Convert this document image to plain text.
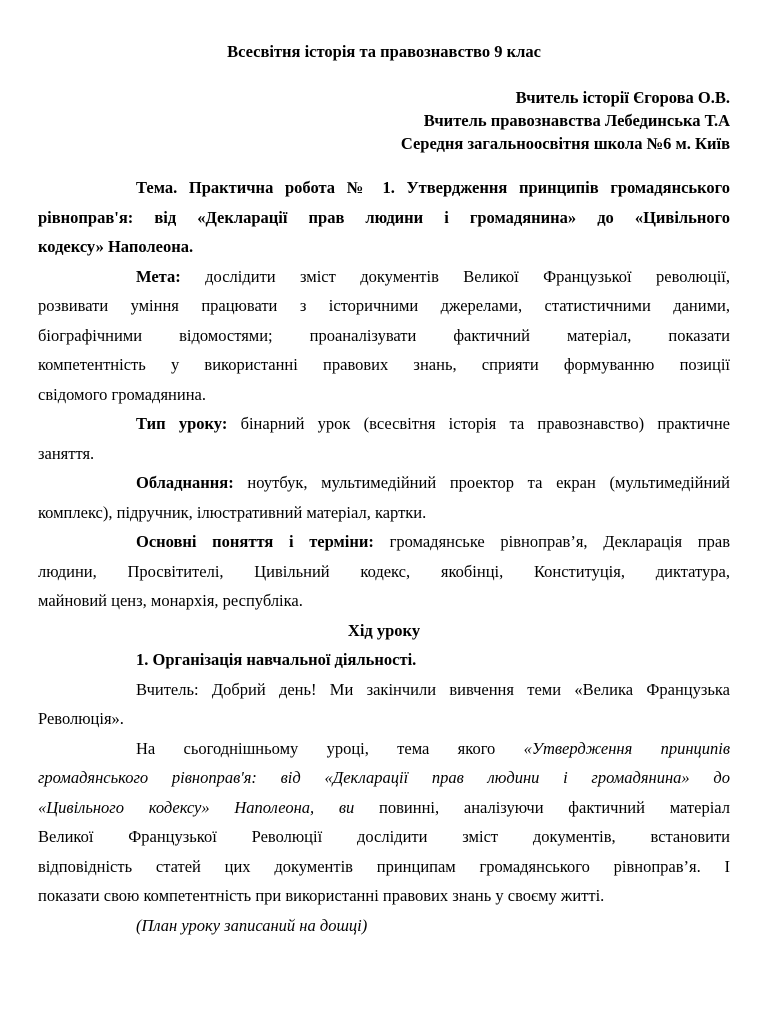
Всесвітня історія та правознавство 9 клас
Вчитель історії Єгорова О.В.
Вчитель правознавства Лебединська Т.А
Середня загальноосвітня школа №6 м. Київ
Тема. Практична робота № 1. Утвердження принципів громадянського
рівноправ'я: від «Декларації прав людини і громадянина» до «Цивільного
кодексу» Наполеона.
Мета: дослідити зміст документів Великої Французької революції,
розвивати уміння працювати з історичними джерелами, статистичними даними,
біографічними відомостями; проаналізувати фактичний матеріал, показати
компетентність у використанні правових знань, сприяти формуванню позиції
свідомого громадянина.
Тип уроку: бінарний урок (всесвітня історія та правознавство) практичне
заняття.
Обладнання: ноутбук, мультимедійний проектор та екран (мультимедійний
комплекс), підручник, ілюстративний матеріал, картки.
Основні поняття і терміни: громадянське рівноправ’я, Декларація прав
людини, Просвітителі, Цивільний кодекс, якобінці, Конституція, диктатура,
майновий ценз, монархія, республіка.
Хід уроку
1. Організація навчальної діяльності.
Вчитель: Добрий день! Ми закінчили вивчення теми «Велика Французька
Революція».
На сьогоднішньому уроці, тема якого «Утвердження принципів
громадянського рівноправ'я: від «Декларації прав людини і громадянина» до
«Цивільного кодексу» Наполеона, ви повинні, аналізуючи фактичний матеріал
Великої Французької Революції дослідити зміст документів, встановити
відповідність статей цих документів принципам громадянського рівноправ’я. І
показати свою компетентність при використанні правових знань у своєму житті.
(План уроку записаний на дошці)
